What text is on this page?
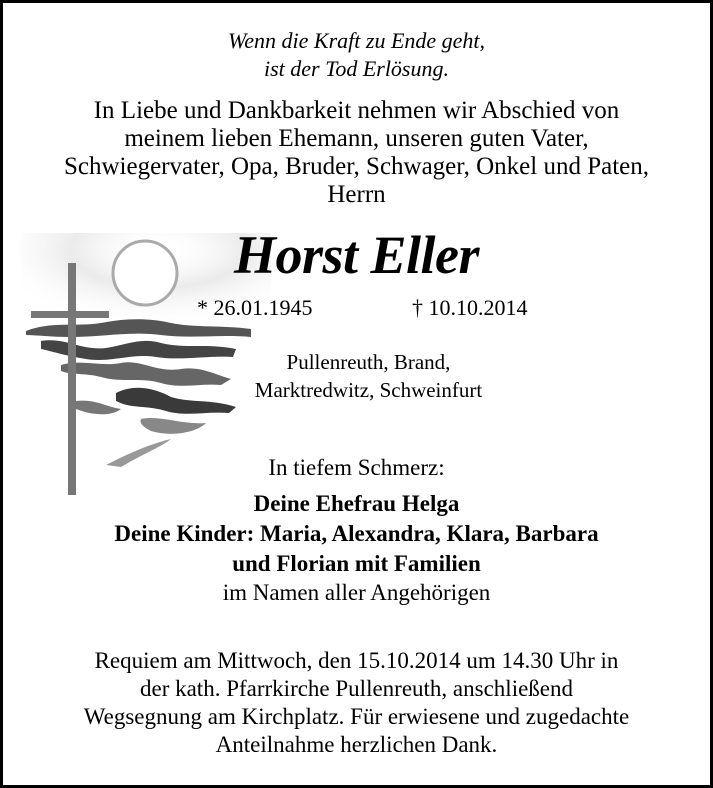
Wenn die Kraft zu Ende geht,
ist der Tod Erlösung.
In Liebe und Dankbarkeit nehmen wir Abschied von
meinem lieben Ehemann, unseren guten Vater,
Schwiegervater, Opa, Bruder, Schwager, Onkel und Paten,
Herrn
Horst Eller
* 26.01.1945	† 10.10.2014
Pullenreuth, Brand,
Marktredwitz, Schweinfurt
In tiefem Schmerz:
Deine Ehefrau Helga
Deine Kinder: Maria, Alexandra, Klara, Barbara
und Florian mit Familien
im Namen aller Angehörigen
Requiem am Mittwoch, den 15.10.2014 um 14.30 Uhr in
der kath. Pfarrkirche Pullenreuth, anschließend
Wegsegnung am Kirchplatz. Für erwiesene und zugedachte
Anteilnahme herzlichen Dank.
